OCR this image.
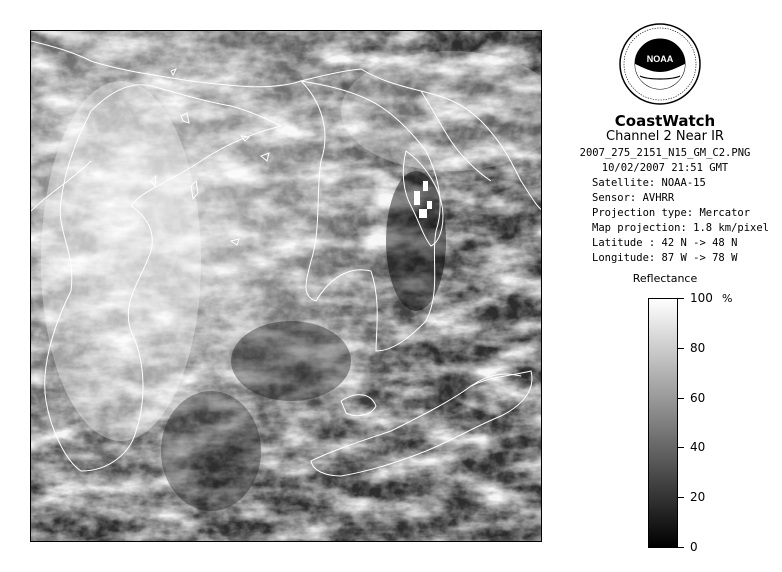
NOAA
CoastWatch
Channel 2 Near IR
2007_275_2151_N15_GM_C2.PNG
10/02/2007 21:51 GMT
Satellite: NOAA-15
Sensor: AVHRR
Projection type: Mercator
Map projection: 1.8 km/pixel
Latitude : 42 N -> 48 N
Longitude: 87 W -> 78 W
Reflectance
%
100
80
60
40
20
0
